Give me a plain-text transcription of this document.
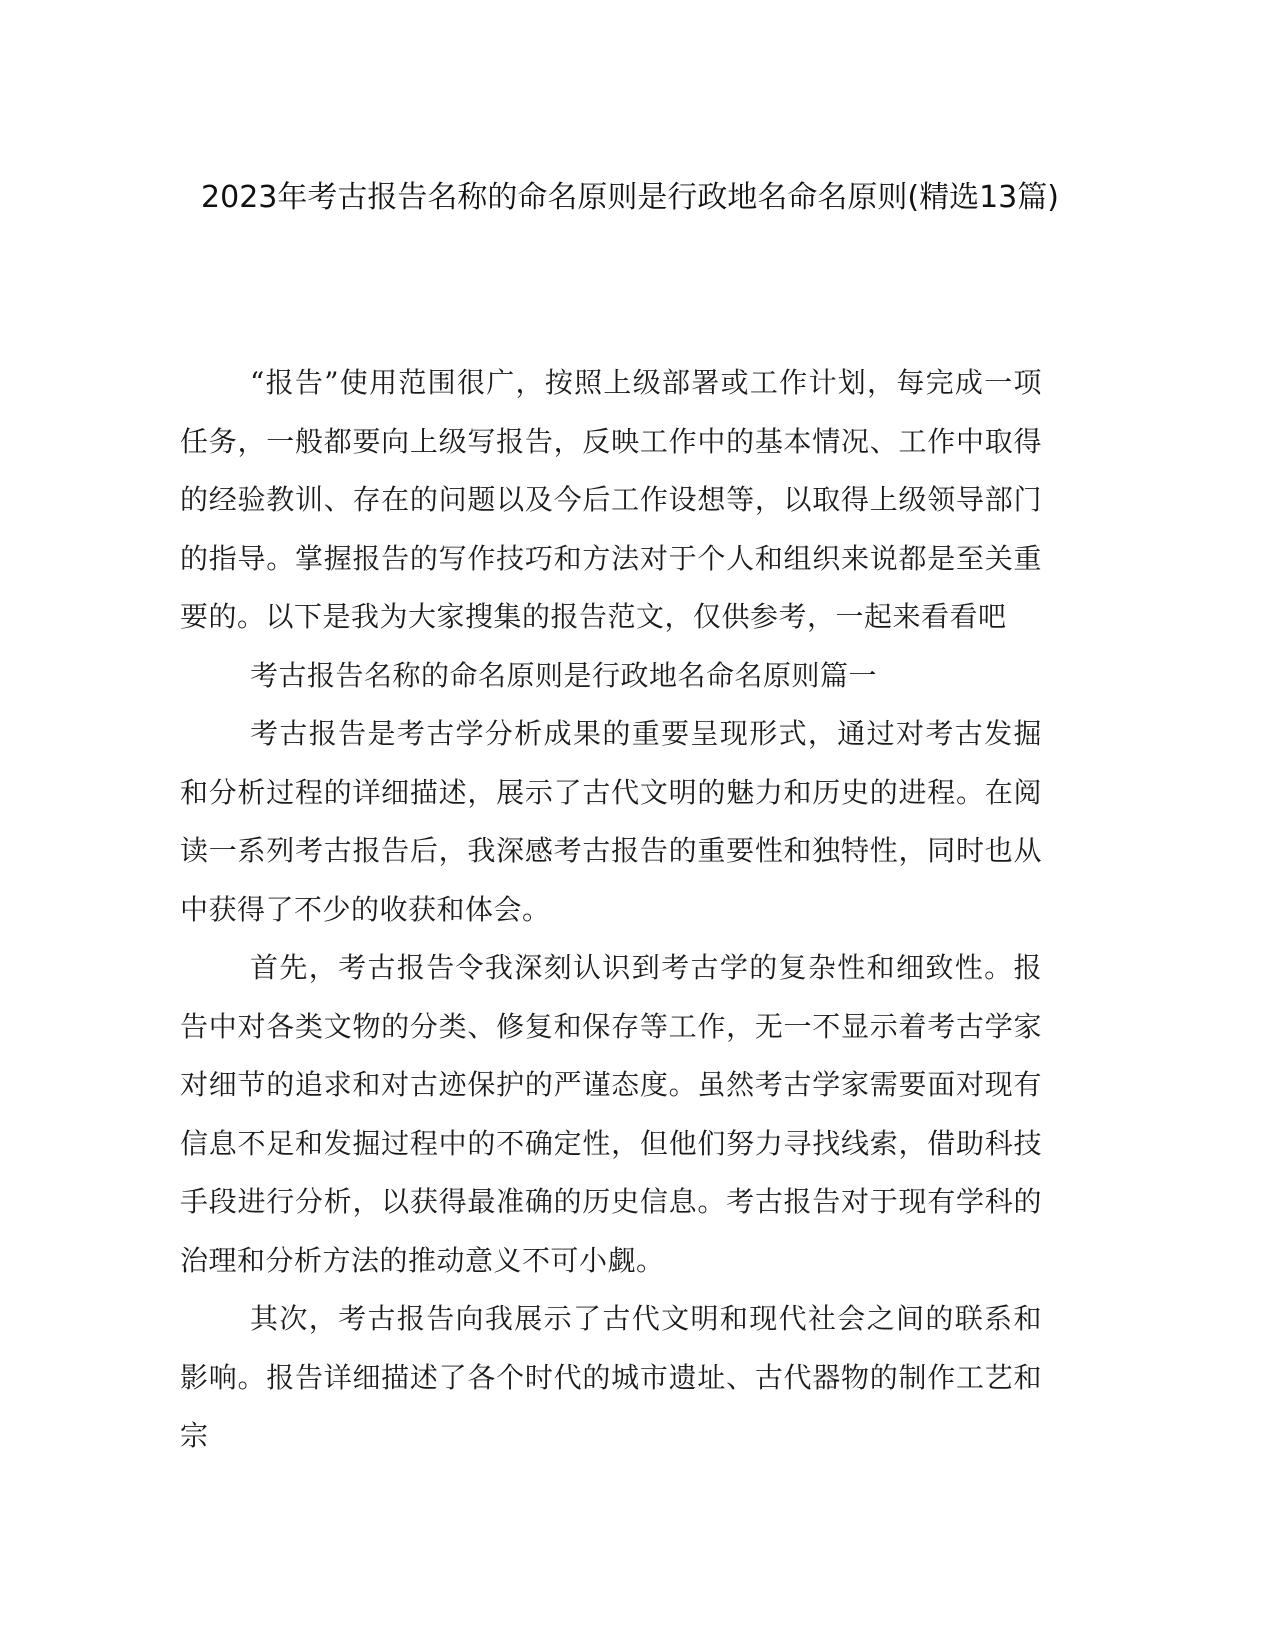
2023年考古报告名称的命名原则是行政地名命名原则(精选13篇)

“报告”使用范围很广，按照上级部署或工作计划，每完成一项任务，一般都要向上级写报告，反映工作中的基本情况、工作中取得的经验教训、存在的问题以及今后工作设想等，以取得上级领导部门的指导。掌握报告的写作技巧和方法对于个人和组织来说都是至关重要的。以下是我为大家搜集的报告范文，仅供参考，一起来看看吧

考古报告名称的命名原则是行政地名命名原则篇一

考古报告是考古学分析成果的重要呈现形式，通过对考古发掘和分析过程的详细描述，展示了古代文明的魅力和历史的进程。在阅读一系列考古报告后，我深感考古报告的重要性和独特性，同时也从中获得了不少的收获和体会。

首先，考古报告令我深刻认识到考古学的复杂性和细致性。报告中对各类文物的分类、修复和保存等工作，无一不显示着考古学家对细节的追求和对古迹保护的严谨态度。虽然考古学家需要面对现有信息不足和发掘过程中的不确定性，但他们努力寻找线索，借助科技手段进行分析，以获得最准确的历史信息。考古报告对于现有学科的治理和分析方法的推动意义不可小觑。

其次，考古报告向我展示了古代文明和现代社会之间的联系和影响。报告详细描述了各个时代的城市遗址、古代器物的制作工艺和宗
